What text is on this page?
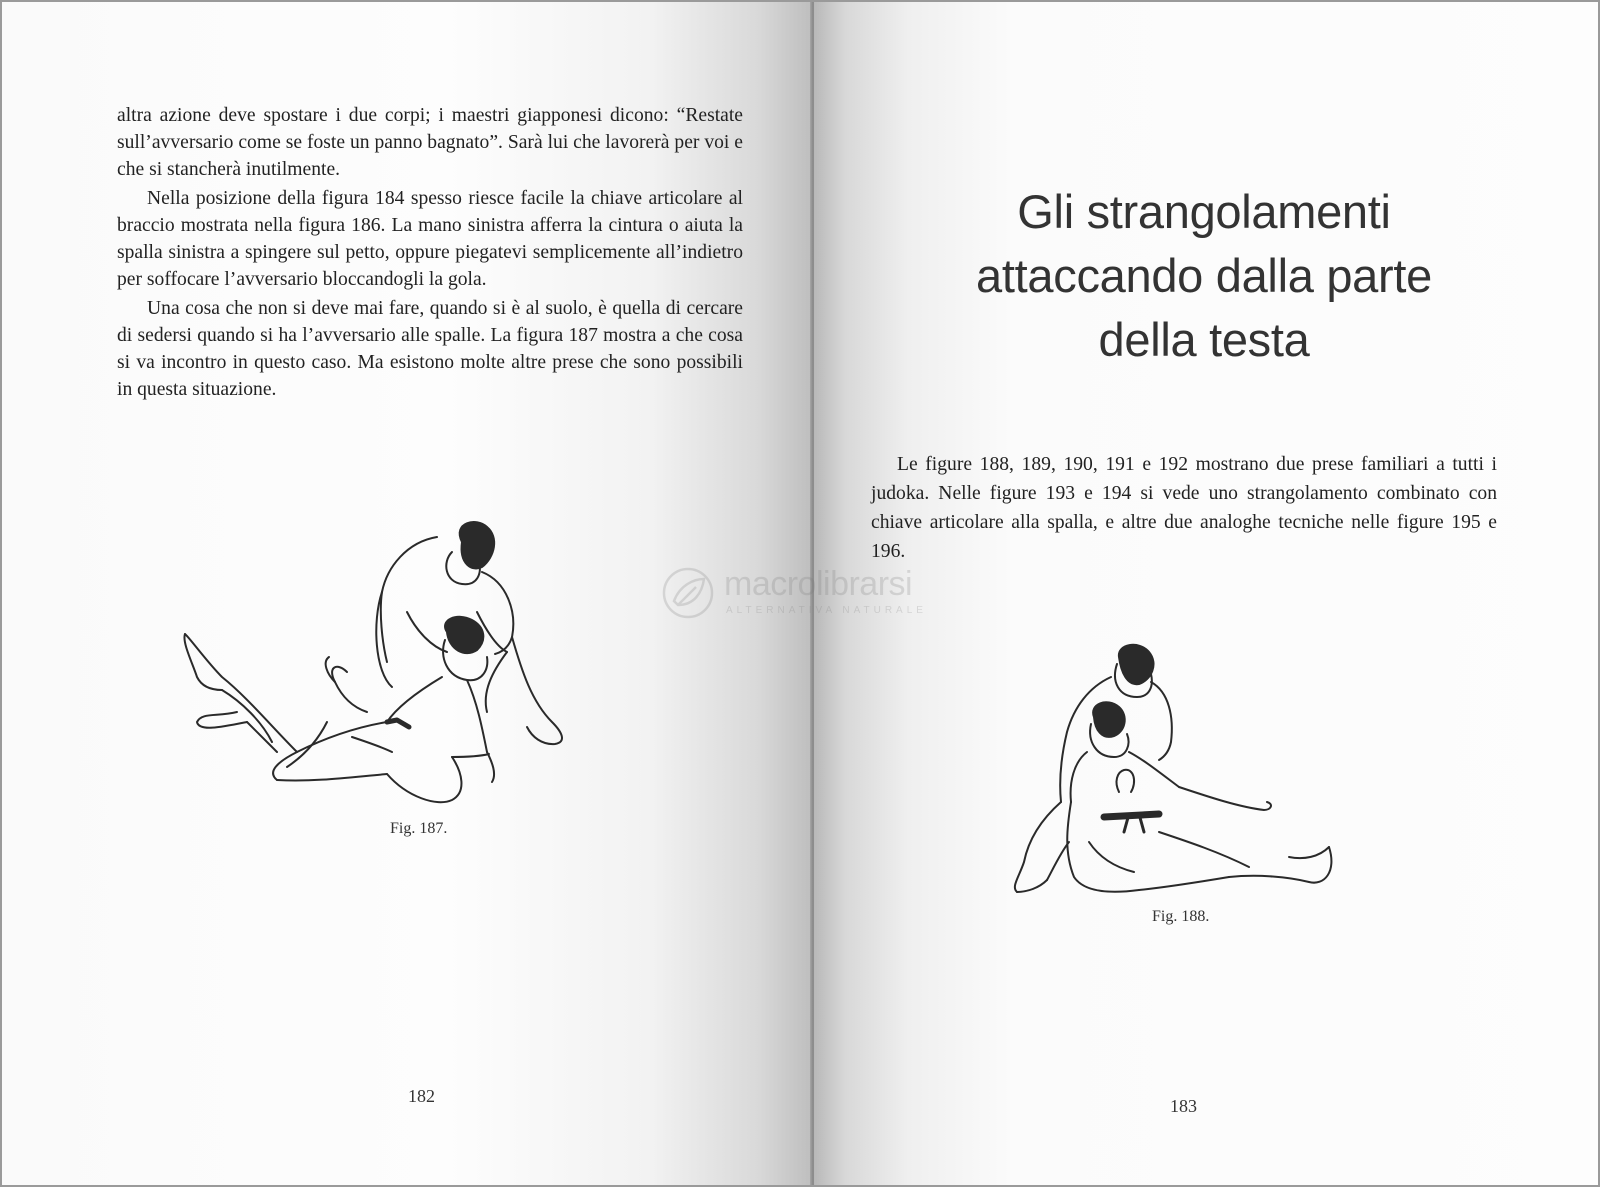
altra azione deve spostare i due corpi; i maestri giapponesi dicono: “Restate sull’avversario come se foste un panno bagnato”. Sarà lui che lavorerà per voi e che si stancherà inutilmente.

Nella posizione della figura 184 spesso riesce facile la chiave articolare al braccio mostrata nella figura 186. La mano sinistra afferra la cintura o aiuta la spalla sinistra a spingere sul petto, oppure piegatevi semplicemente all’indietro per soffocare l’avversario bloccandogli la gola.

Una cosa che non si deve mai fare, quando si è al suolo, è quella di cercare di sedersi quando si ha l’avversario alle spalle. La figura 187 mostra a che cosa si va incontro in questo caso. Ma esistono molte altre prese che sono possibili in questa situazione.

Fig. 187.
182
Gli strangolamenti attaccando dalla parte della testa
Le figure 188, 189, 190, 191 e 192 mostrano due prese familiari a tutti i judoka. Nelle figure 193 e 194 si vede uno strangolamento combinato con chiave articolare alla spalla, e altre due analoghe tecniche nelle figure 195 e 196.
Fig. 188.
183
macrolibrarsi
ALTERNATIVA NATURALE
